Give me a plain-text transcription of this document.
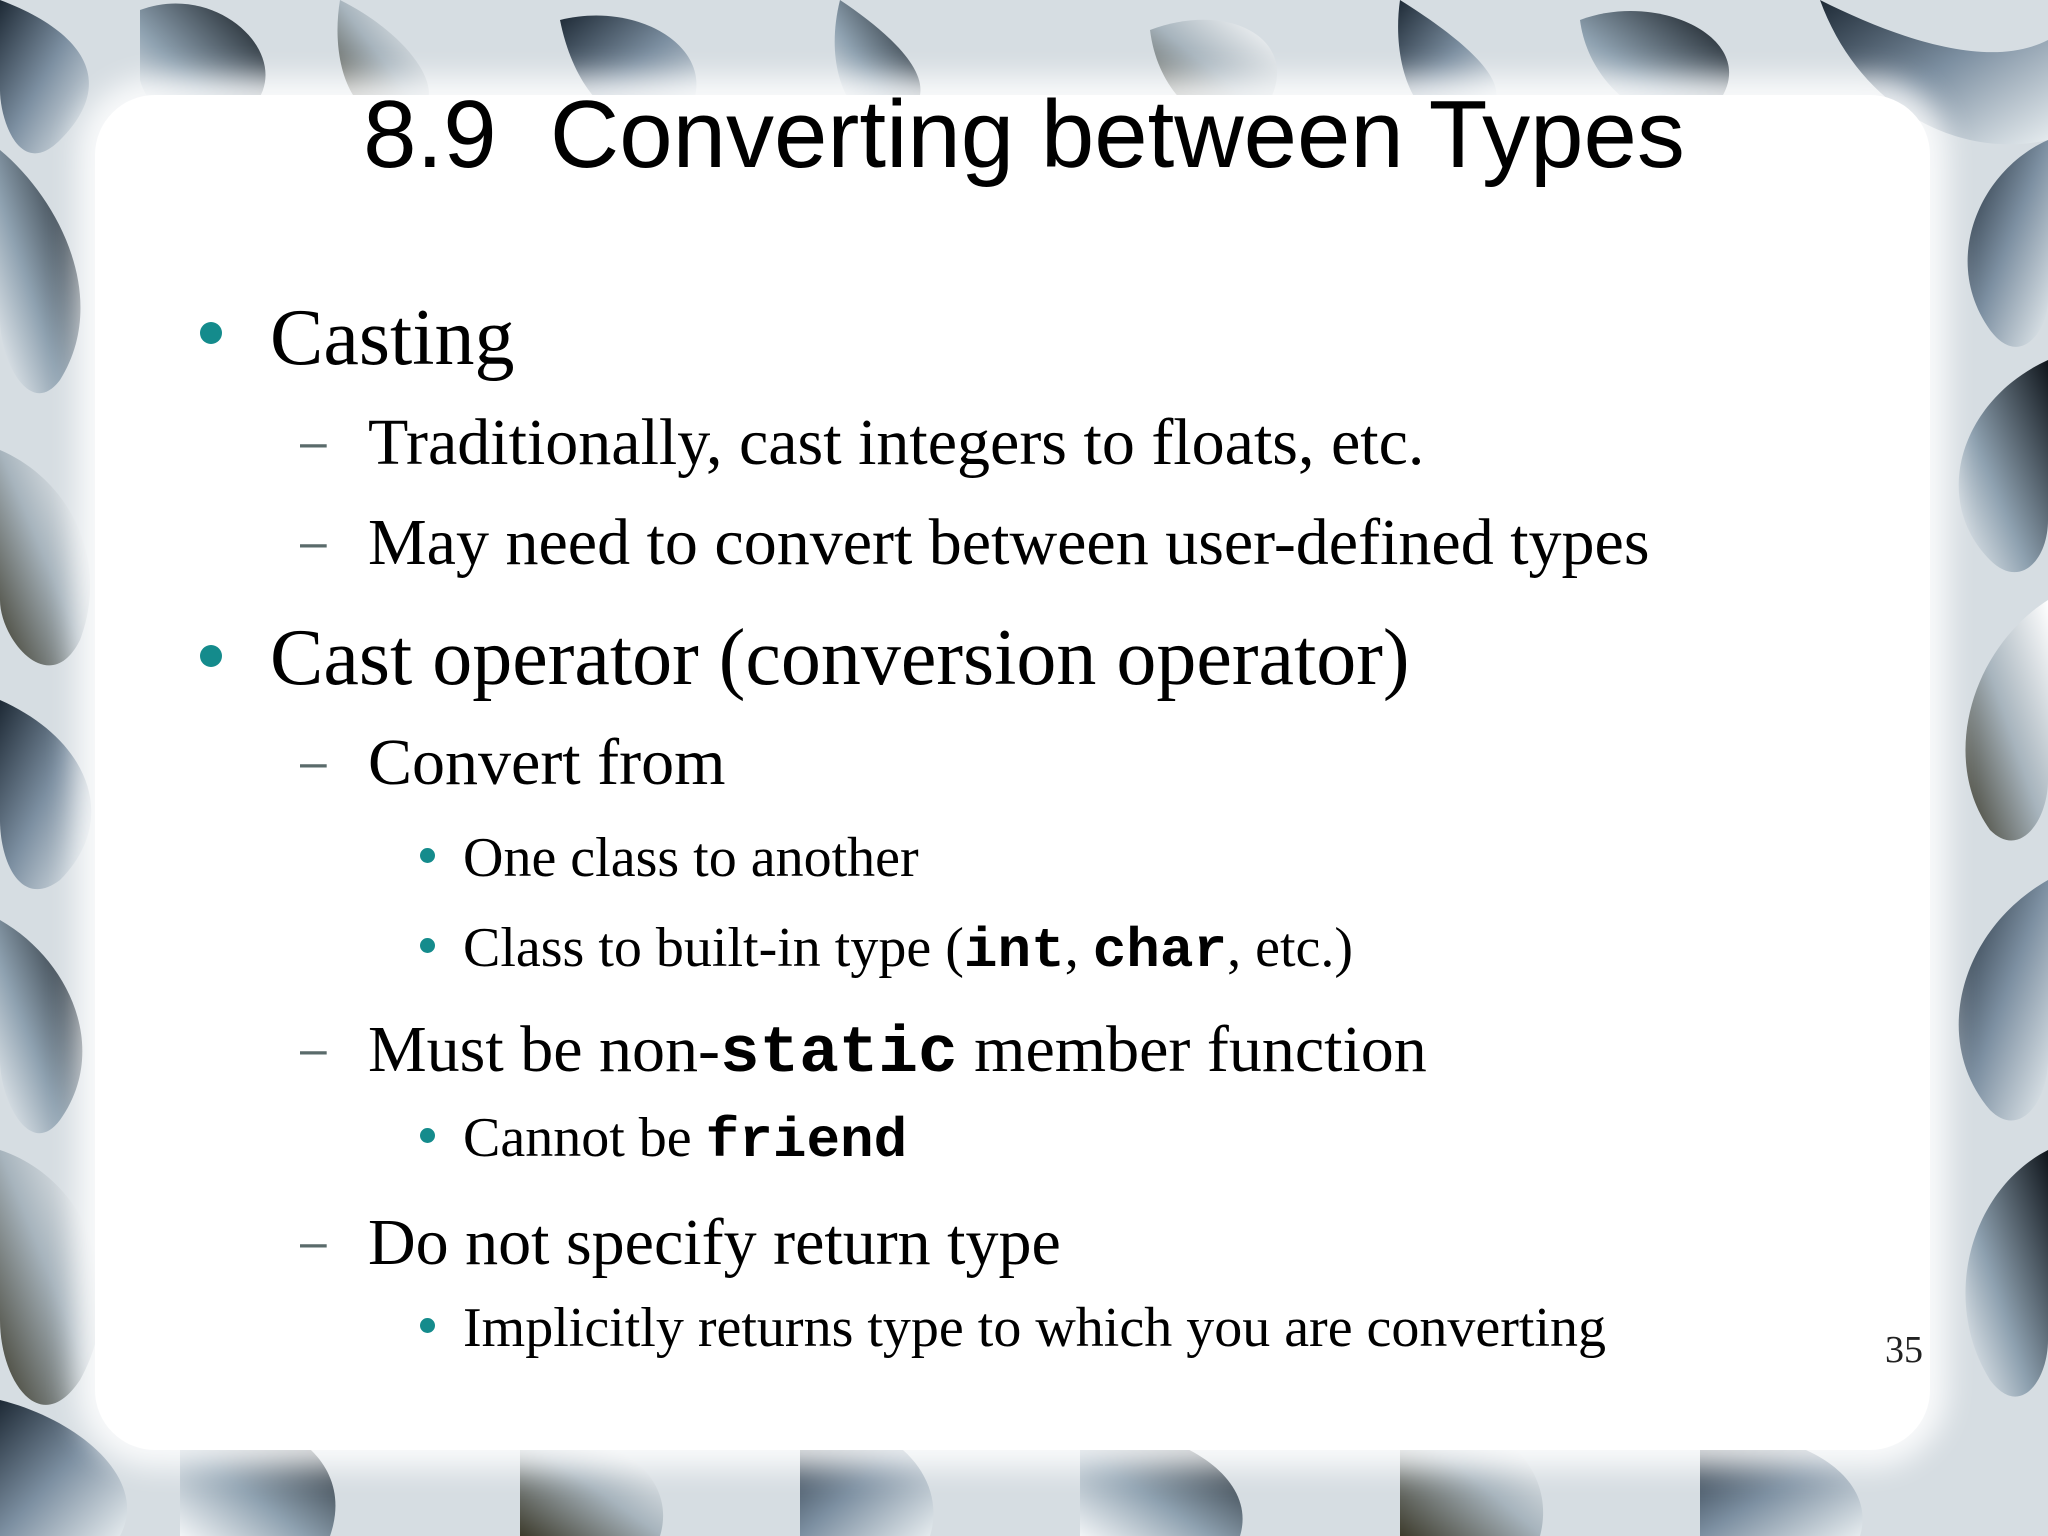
8.9  Converting between Types
Casting
– Traditionally, cast integers to floats, etc.
– May need to convert between user-defined types
Cast operator (conversion operator)
– Convert from
One class to another
Class to built-in type (int, char, etc.)
– Must be non-static member function
Cannot be friend
– Do not specify return type
Implicitly returns type to which you are converting	35
